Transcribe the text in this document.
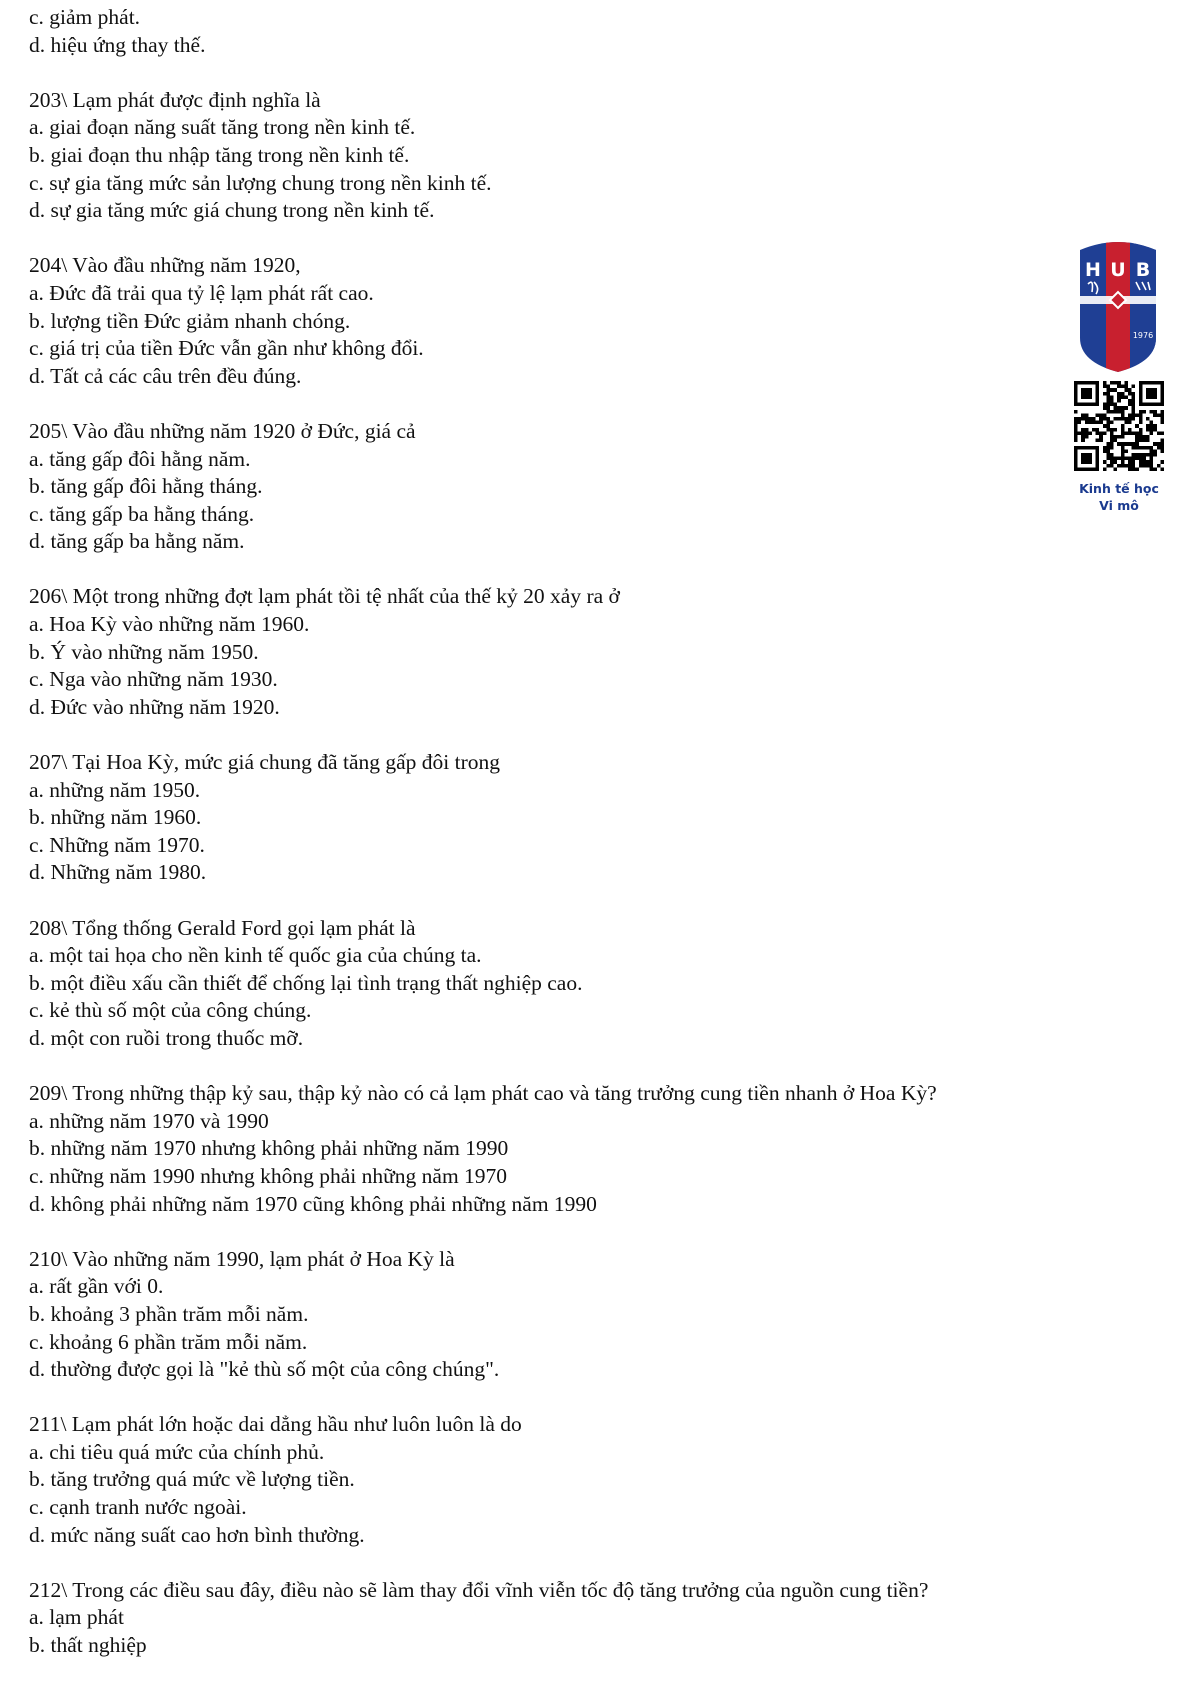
c. giảm phát.
d. hiệu ứng thay thế.
203\ Lạm phát được định nghĩa là
a. giai đoạn năng suất tăng trong nền kinh tế.
b. giai đoạn thu nhập tăng trong nền kinh tế.
c. sự gia tăng mức sản lượng chung trong nền kinh tế.
d. sự gia tăng mức giá chung trong nền kinh tế.
204\ Vào đầu những năm 1920,
a. Đức đã trải qua tỷ lệ lạm phát rất cao.
b. lượng tiền Đức giảm nhanh chóng.
c. giá trị của tiền Đức vẫn gần như không đổi.
d. Tất cả các câu trên đều đúng.
205\ Vào đầu những năm 1920 ở Đức, giá cả
a. tăng gấp đôi hằng năm.
b. tăng gấp đôi hằng tháng.
c. tăng gấp ba hằng tháng.
d. tăng gấp ba hằng năm.
206\ Một trong những đợt lạm phát tồi tệ nhất của thế kỷ 20 xảy ra ở
a. Hoa Kỳ vào những năm 1960.
b. Ý vào những năm 1950.
c. Nga vào những năm 1930.
d. Đức vào những năm 1920.
207\ Tại Hoa Kỳ, mức giá chung đã tăng gấp đôi trong
a. những năm 1950.
b. những năm 1960.
c. Những năm 1970.
d. Những năm 1980.
208\ Tổng thống Gerald Ford gọi lạm phát là
a. một tai họa cho nền kinh tế quốc gia của chúng ta.
b. một điều xấu cần thiết để chống lại tình trạng thất nghiệp cao.
c. kẻ thù số một của công chúng.
d. một con ruồi trong thuốc mỡ.
209\ Trong những thập kỷ sau, thập kỷ nào có cả lạm phát cao và tăng trưởng cung tiền nhanh ở Hoa Kỳ?
a. những năm 1970 và 1990
b. những năm 1970 nhưng không phải những năm 1990
c. những năm 1990 nhưng không phải những năm 1970
d. không phải những năm 1970 cũng không phải những năm 1990
210\ Vào những năm 1990, lạm phát ở Hoa Kỳ là
a. rất gần với 0.
b. khoảng 3 phần trăm mỗi năm.
c. khoảng 6 phần trăm mỗi năm.
d. thường được gọi là "kẻ thù số một của công chúng".
211\ Lạm phát lớn hoặc dai dẳng hầu như luôn luôn là do
a. chi tiêu quá mức của chính phủ.
b. tăng trưởng quá mức về lượng tiền.
c. cạnh tranh nước ngoài.
d. mức năng suất cao hơn bình thường.
212\ Trong các điều sau đây, điều nào sẽ làm thay đổi vĩnh viễn tốc độ tăng trưởng của nguồn cung tiền?
a. lạm phát
b. thất nghiệp
H U B
1976
Kinh tế học
Vi mô
